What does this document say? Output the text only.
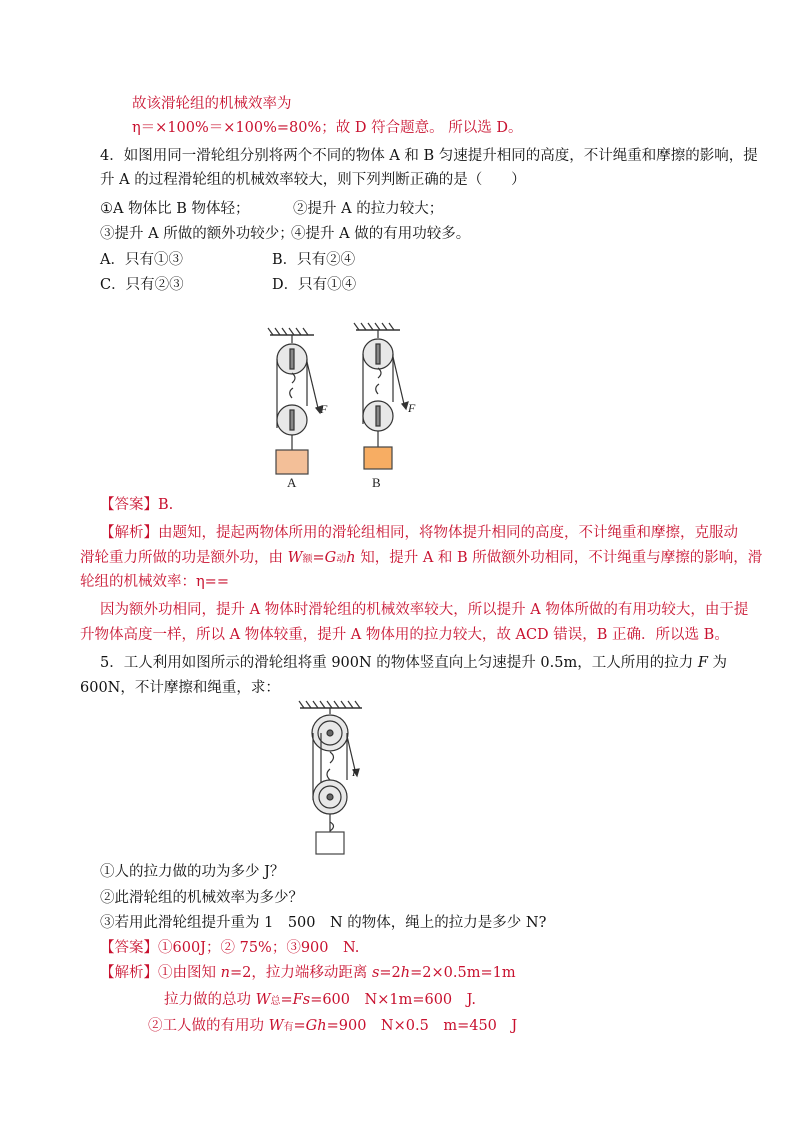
故该滑轮组的机械效率为
η＝×100%＝×100%=80%；故 D 符合题意。 所以选 D。
4．如图用同一滑轮组分别将两个不同的物体 A 和 B 匀速提升相同的高度，不计绳重和摩擦的影响，提
升 A 的过程滑轮组的机械效率较大，则下列判断正确的是（　　）
①A 物体比 B 物体轻；	②提升 A 的拉力较大；
③提升 A 所做的额外功较少；
④提升 A 做的有用功较多。
A．只有①③	B．只有②④
C．只有②③	D．只有①④
F
A
F
B
【答案】B.
【解析】由题知，提起两物体所用的滑轮组相同，将物体提升相同的高度，不计绳重和摩擦，克服动
滑轮重力所做的功是额外功，由 W额=G动h 知，提升 A 和 B 所做额外功相同，不计绳重与摩擦的影响，滑
轮组的机械效率：η==
因为额外功相同，提升 A 物体时滑轮组的机械效率较大，所以提升 A 物体所做的有用功较大，由于提
升物体高度一样，所以 A 物体较重，提升 A 物体用的拉力较大，故 ACD 错误，B 正确．所以选 B。
5．工人利用如图所示的滑轮组将重 900N 的物体竖直向上匀速提升 0.5m，工人所用的拉力 F 为
600N，不计摩擦和绳重，求：
F
①人的拉力做的功为多少 J？
②此滑轮组的机械效率为多少？
③若用此滑轮组提升重为 1　500　N 的物体，绳上的拉力是多少 N?
【答案】①600J；② 75%；③900　N.
【解析】①由图知 n=2，拉力端移动距离 s=2h=2×0.5m=1m
拉力做的总功 W总=Fs=600　N×1m=600　J.
②工人做的有用功 W有=Gh=900　N×0.5　m=450　J
